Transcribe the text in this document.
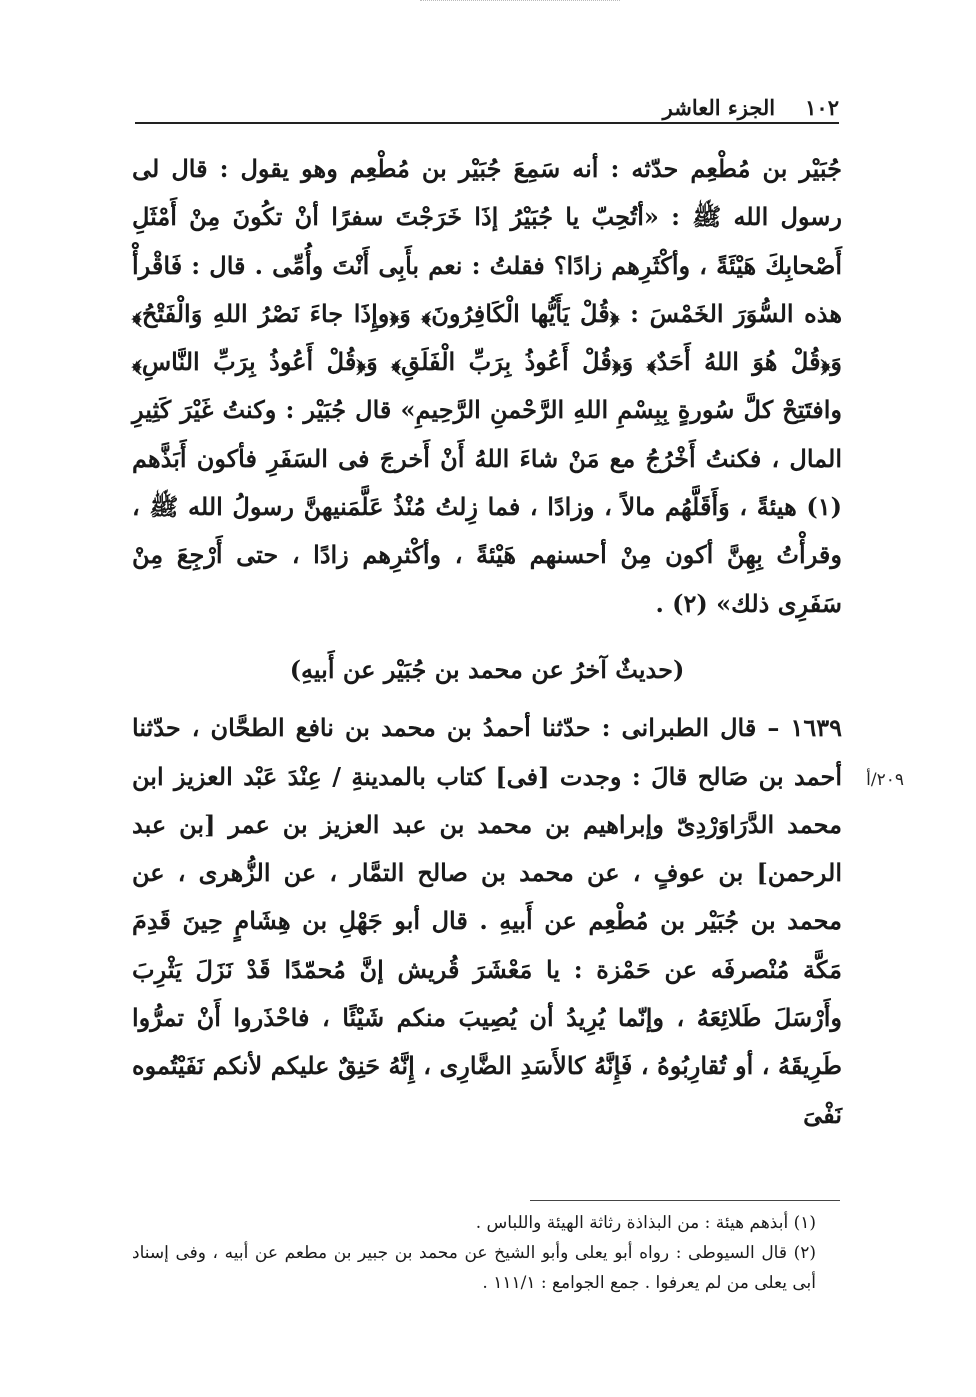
١٠٢
الجزء العاشر

جُبَيْر بن مُطْعِم حدّثه : أنه سَمِعَ جُبَيْر بن مُطْعِم وهو يقول : قال لى رسول الله ﷺ : «أتُحِبّ يا جُبَيْرُ إذَا خَرَجْتَ سفرًا أنْ تكُونَ مِنْ أَمْثَلِ أَصْحابِكَ هَيْئَةً ، وأكْثَرِهم زادًا؟ فقلتُ : نعم بأَبِى أَنْتَ وأُمِّى . قال : فَاقْرأْ هذه السُّوَرَ الخَمْسَ : ﴿قُلْ يَأَيُّها الْكَافِرُونَ﴾ وَ﴿وإِذَا جاءَ نَصْرُ اللهِ وَالْفَتْحُ﴾ وَ﴿قُلْ هُوَ اللهُ أَحَدٌ﴾ وَ﴿قُلْ أَعُوذُ بِرَبِّ الْفَلَقِ﴾ وَ﴿قُلْ أَعُوذُ بِرَبِّ النَّاسِ﴾ وافتَتِحْ كلَّ سُورةٍ بِبِسْمِ اللهِ الرَّحْمنِ الرَّحِيمِ» قال جُبَيْر : وكنتُ غَيْرَ كَثِيرِ المال ، فكنتُ أَخْرُجُ مع مَنْ شاءَ اللهُ أَنْ أَخرجَ فى السَفَرِ فأكون أَبَذَّهم (١) هيئةً ، وَأَقَلَّهُم مالاً ، وزادًا ، فما زِلتُ مُنْذُ عَلَّمَنيهنَّ رسولُ الله ﷺ ، وقرأْتُ بِهِنَّ أكون مِنْ أحسنهم هَيْئةً ، وأكْثرِهم زادًا ، حتى أَرْجِعَ مِنْ سَفَرِى ذلك» (٢) .

(حديثٌ آخرُ عن محمد بن جُبَيْر عن أَبيهِ)

١٦٣٩ – قال الطبرانى : حدّثنا أحمدُ بن محمد بن نافع الطحَّان ، حدّثنا أحمد بن صَالح قالَ : وجدت [فى] كتاب بالمدينةِ / عِنْدَ عَبْد العزيز ابن محمد الدَّرَاوَرْدِىّ وإبراهيم بن محمد بن عبد العزيز بن عمر [بن عبد الرحمن] بن عوفٍ ، عن محمد بن صالح التمَّار ، عن الزُّهرى ، عن محمد بن جُبَيْر بن مُطْعِم عن أَبيهِ . قال أبو جَهْلِ بن هِشَامٍ حِينَ قَدِمَ مَكَّة مُنْصرفَه عن حَمْزة : يا مَعْشَرَ قُريش إنَّ مُحمّدًا قَدْ نَزَلَ يَثْرِبَ وأَرْسَلَ طَلائِعَهُ ، وإنّما يُرِيدُ أن يُصِيبَ منكم شَيْئًا ، فاحْذَروا أَنْ تمرُّوا طَرِيقَهُ ، أو تُقارِبُوهُ ، فَإِنَّهُ كالأَسَدِ الضَّارِى ، إِنَّهُ حَنِقٌ عليكم لأنكم نَفَيْتُموه نَفْىَ

٢٠٩/أ

(١) أبذهم هيئة : من البذاذة رثاثة الهيئة واللباس .

(٢) قال السيوطى : رواه أبو يعلى وأبو الشيخ عن محمد بن جبير بن مطعم عن أبيه ، وفى إسناد أبى يعلى من لم يعرفوا . جمع الجوامع : ١١١/١ .
